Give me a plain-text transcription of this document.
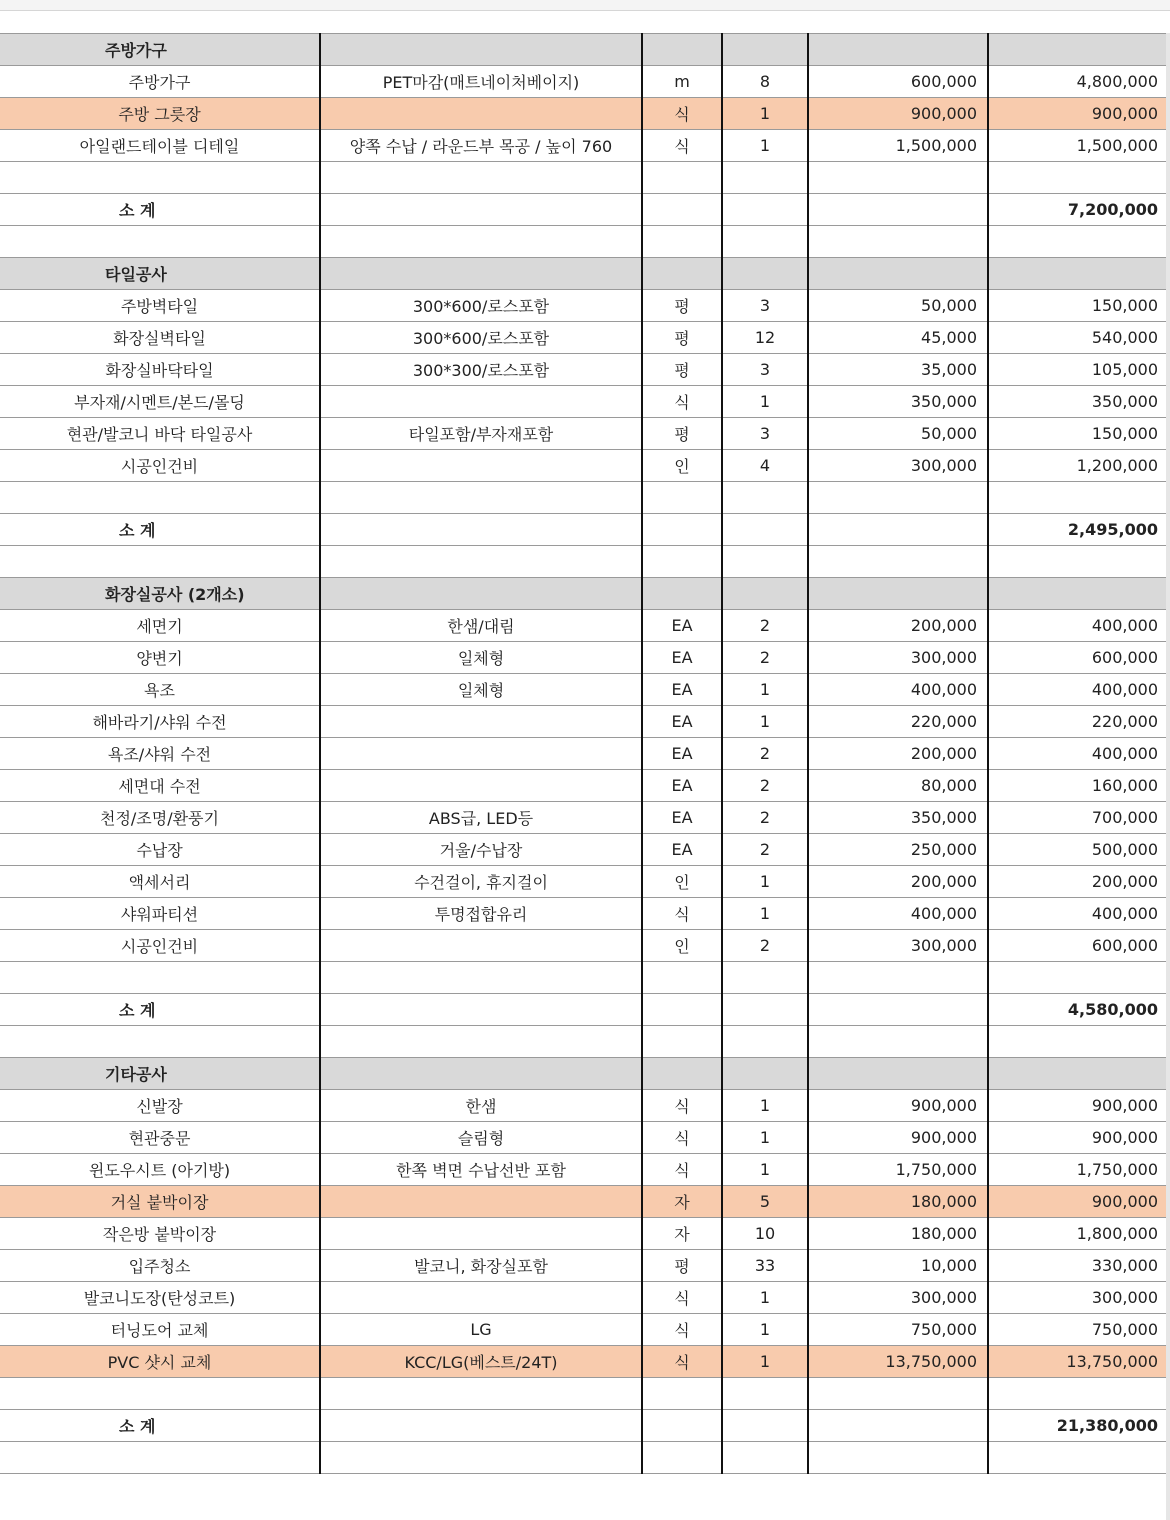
주방가구					
주방가구	PET마감(매트네이처베이지)	m	8	600,000	4,800,000
주방 그릇장		식	1	900,000	900,000
아일랜드테이블 디테일	양쪽 수납 / 라운드부 목공 / 높이 760	식	1	1,500,000	1,500,000

소 계					7,200,000

타일공사					
주방벽타일	300*600/로스포함	평	3	50,000	150,000
화장실벽타일	300*600/로스포함	평	12	45,000	540,000
화장실바닥타일	300*300/로스포함	평	3	35,000	105,000
부자재/시멘트/본드/몰딩		식	1	350,000	350,000
현관/발코니 바닥 타일공사	타일포함/부자재포함	평	3	50,000	150,000
시공인건비		인	4	300,000	1,200,000

소 계					2,495,000

화장실공사 (2개소)					
세면기	한샘/대림	EA	2	200,000	400,000
양변기	일체형	EA	2	300,000	600,000
욕조	일체형	EA	1	400,000	400,000
해바라기/샤워 수전		EA	1	220,000	220,000
욕조/샤워 수전		EA	2	200,000	400,000
세면대 수전		EA	2	80,000	160,000
천정/조명/환풍기	ABS급, LED등	EA	2	350,000	700,000
수납장	거울/수납장	EA	2	250,000	500,000
액세서리	수건걸이, 휴지걸이	인	1	200,000	200,000
샤워파티션	투명접합유리	식	1	400,000	400,000
시공인건비		인	2	300,000	600,000

소 계					4,580,000

기타공사					
신발장	한샘	식	1	900,000	900,000
현관중문	슬림형	식	1	900,000	900,000
윈도우시트 (아기방)	한쪽 벽면 수납선반 포함	식	1	1,750,000	1,750,000
거실 붙박이장		자	5	180,000	900,000
작은방 붙박이장		자	10	180,000	1,800,000
입주청소	발코니, 화장실포함	평	33	10,000	330,000
발코니도장(탄성코트)		식	1	300,000	300,000
터닝도어 교체	LG	식	1	750,000	750,000
PVC 샷시 교체	KCC/LG(베스트/24T)	식	1	13,750,000	13,750,000

소 계					21,380,000
